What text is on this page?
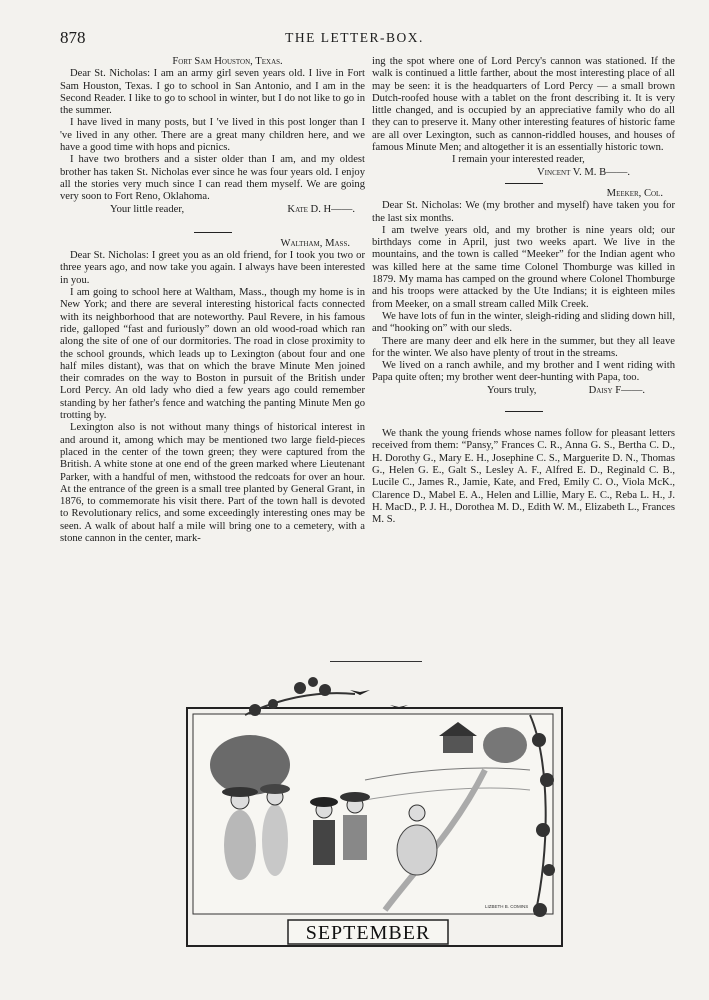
878	THE LETTER-BOX.
Fort Sam Houston, Texas.

Dear St. Nicholas: I am an army girl seven years old. I live in Fort Sam Houston, Texas. I go to school in San Antonio, and I am in the Second Reader. I like to go to school in winter, but I do not like to go in the summer.

I have lived in many posts, but I 've lived in this post longer than I 've lived in any other. There are a great many children here, and we have a good time with hops and picnics.

I have two brothers and a sister older than I am, and my oldest brother has taken St. Nicholas ever since he was four years old. I enjoy all the stories very much since I can read them myself. We are going very soon to Fort Reno, Oklahoma.

Your little reader,	Kate D. H——.
Waltham, Mass.

Dear St. Nicholas: I greet you as an old friend, for I took you two or three years ago, and now take you again. I always have been interested in you.

I am going to school here at Waltham, Mass., though my home is in New York; and there are several interesting historical facts connected with its neighborhood that are noteworthy. Paul Revere, in his famous ride, galloped “fast and furiously” down an old wood-road which ran along the site of one of our dormitories. The road in close proximity to the school grounds, which leads up to Lexington (about four and one half miles distant), was that on which the brave Minute Men joined their comrades on the way to Boston in pursuit of the British under Lord Percy. An old lady who died a few years ago could remember standing by her father's fence and watching the panting Minute Men go trotting by.

Lexington also is not without many things of historical interest in and around it, among which may be mentioned two large field-pieces placed in the center of the town green; they were captured from the British. A white stone at one end of the green marked where Lieutenant Parker, with a handful of men, withstood the redcoats for over an hour. At the entrance of the green is a small tree planted by General Grant, in 1876, to commemorate his visit there. Part of the town hall is devoted to Revolutionary relics, and some exceedingly interesting ones may be seen. A walk of about half a mile will bring one to a cemetery, with a stone cannon in the center, mark-

ing the spot where one of Lord Percy's cannon was stationed. If the walk is continued a little farther, about the most interesting place of all may be seen: it is the headquarters of Lord Percy — a small brown Dutch-roofed house with a tablet on the front describing it. It is very little changed, and is occupied by an appreciative family who do all they can to preserve it. Many other interesting features of historic fame are all over Lexington, such as cannon-riddled houses, and houses of famous Minute Men; and altogether it is an essentially historic town.

I remain your interested reader,
Vincent V. M. B——.
Meeker, Col.

Dear St. Nicholas: We (my brother and myself) have taken you for the last six months.

I am twelve years old, and my brother is nine years old; our birthdays come in April, just two weeks apart. We live in the mountains, and the town is called “Meeker” for the Indian agent who was killed here at the same time Colonel Thomburge was killed in 1879. My mama has camped on the ground where Colonel Thomburge and his troops were attacked by the Ute Indians; it is eighteen miles from Meeker, on a small stream called Milk Creek.

We have lots of fun in the winter, sleigh-riding and sliding down hill, and “hooking on” with our sleds.

There are many deer and elk here in the summer, but they all leave for the winter. We also have plenty of trout in the streams.

We lived on a ranch awhile, and my brother and I went riding with Papa quite often; my brother went deer-hunting with Papa, too.

Yours truly,	Daisy F——.

We thank the young friends whose names follow for pleasant letters received from them: “Pansy,” Frances C. R., Anna G. S., Bertha C. D., H. Dorothy G., Mary E. H., Josephine C. S., Marguerite D. N., Thomas G., Helen G. E., Galt S., Lesley A. F., Alfred E. D., Reginald C. B., Lucile C., James R., Jamie, Kate, and Fred, Emily C. O., Viola McK., Clarence D., Mabel E. A., Helen and Lillie, Mary E. C., Reba L. H., J. H. MacD., P. J. H., Dorothea M. D., Edith W. M., Elizabeth L., Frances M. S.

LIZBETH B. COMINS
SEPTEMBER
